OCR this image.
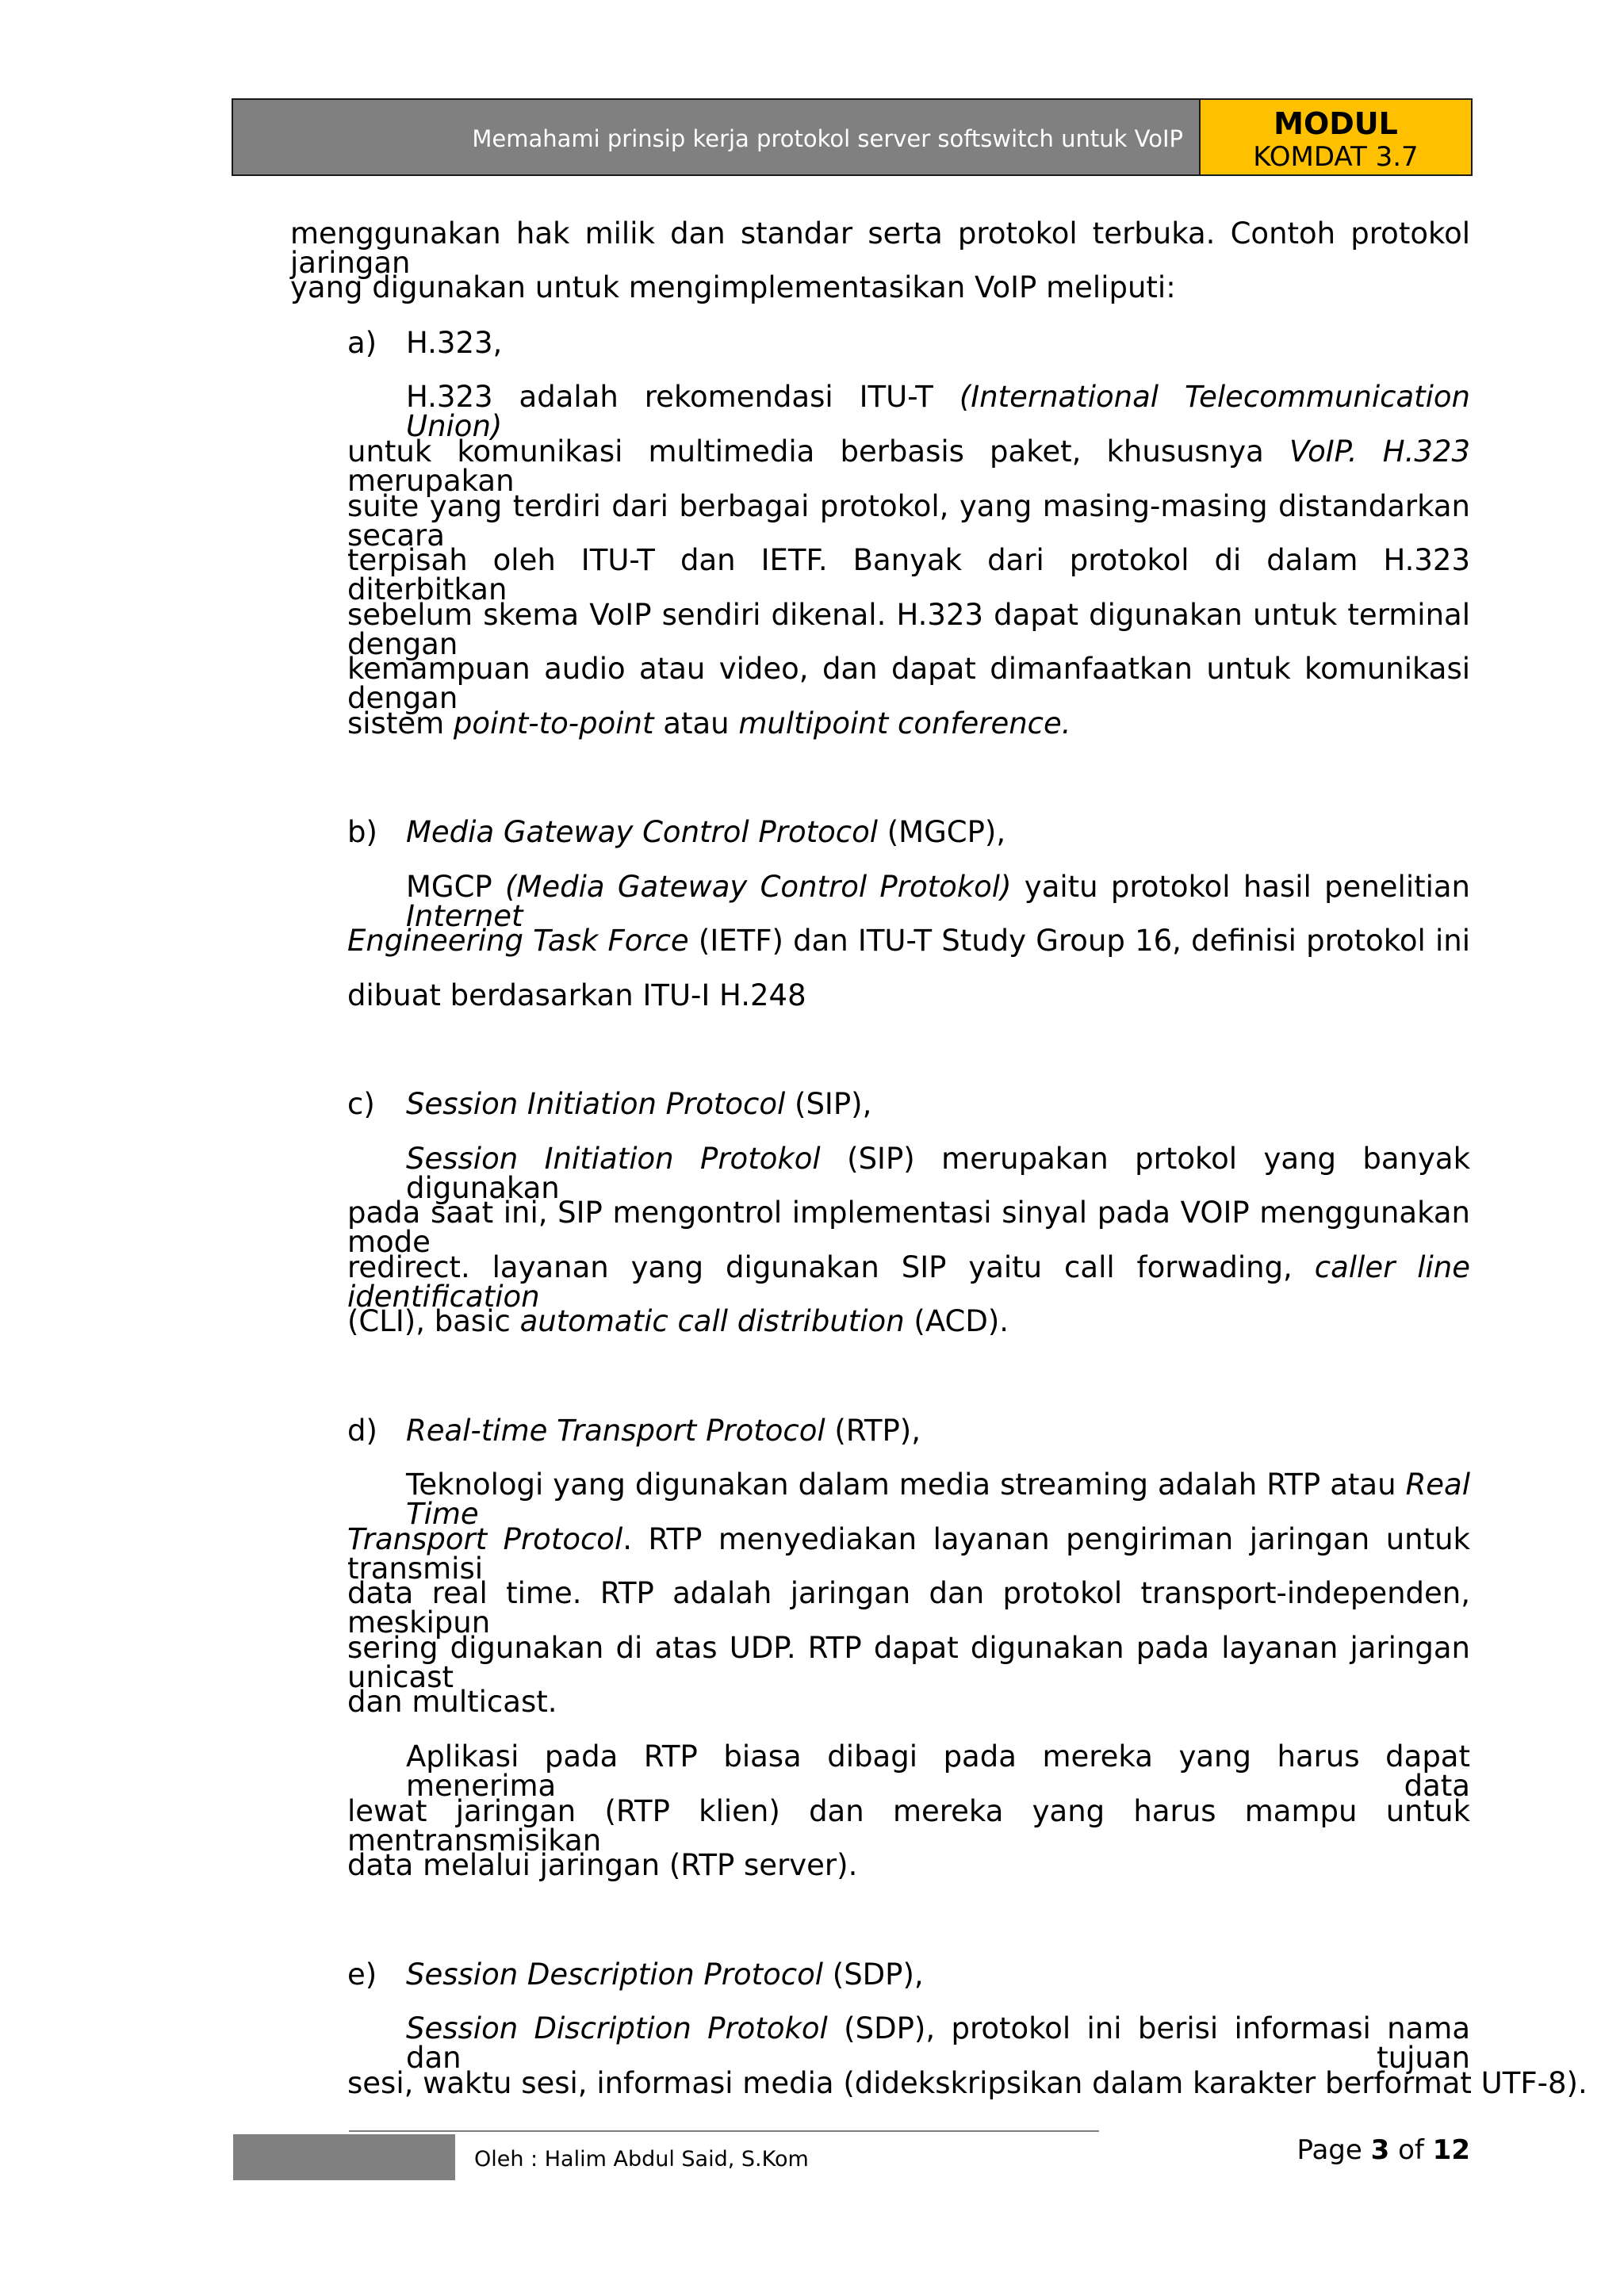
Memahami prinsip kerja protokol server softswitch untuk VoIP	MODUL
KOMDAT 3.7
menggunakan hak milik dan standar serta protokol terbuka. Contoh protokol jaringan
yang digunakan untuk mengimplementasikan VoIP meliputi:
a) H.323,
H.323 adalah rekomendasi ITU-T (International Telecommunication Union)
untuk komunikasi multimedia berbasis paket, khususnya VoIP. H.323 merupakan
suite yang terdiri dari berbagai protokol, yang masing-masing distandarkan secara
terpisah oleh ITU-T dan IETF. Banyak dari protokol di dalam H.323 diterbitkan
sebelum skema VoIP sendiri dikenal. H.323 dapat digunakan untuk terminal dengan
kemampuan audio atau video, dan dapat dimanfaatkan untuk komunikasi dengan
sistem point-to-point atau multipoint conference.
b) Media Gateway Control Protocol (MGCP),
MGCP (Media Gateway Control Protokol) yaitu protokol hasil penelitian Internet
Engineering Task Force (IETF) dan ITU-T Study Group 16, definisi protokol ini
dibuat berdasarkan ITU-I H.248
c) Session Initiation Protocol (SIP),
Session Initiation Protokol (SIP) merupakan prtokol yang banyak digunakan
pada saat ini, SIP mengontrol implementasi sinyal pada VOIP menggunakan mode
redirect. layanan yang digunakan SIP yaitu call forwading, caller line identification
(CLI), basic automatic call distribution (ACD).
d) Real-time Transport Protocol (RTP),
Teknologi yang digunakan dalam media streaming adalah RTP atau Real Time
Transport Protocol. RTP menyediakan layanan pengiriman jaringan untuk transmisi
data real time. RTP adalah jaringan dan protokol transport-independen, meskipun
sering digunakan di atas UDP. RTP dapat digunakan pada layanan jaringan unicast
dan multicast.
Aplikasi pada RTP biasa dibagi pada mereka yang harus dapat menerima data
lewat jaringan (RTP klien) dan mereka yang harus mampu untuk mentransmisikan
data melalui jaringan (RTP server).
e) Session Description Protocol (SDP),
Session Discription Protokol (SDP), protokol ini berisi informasi nama dan tujuan
sesi, waktu sesi, informasi media (didekskripsikan dalam karakter berformat UTF-8).
Oleh : Halim Abdul Said, S.Kom	Page 3 of 12
